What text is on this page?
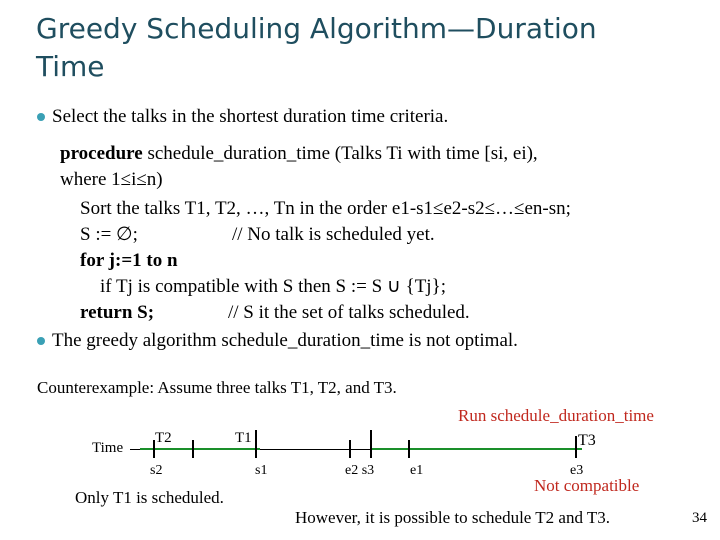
Greedy Scheduling Algorithm—Duration
Time
Select the talks in the shortest duration time criteria.
procedure schedule_duration_time (Talks Ti with time [si, ei),
where 1≤i≤n)
Sort the talks T1, T2, …, Tn in the order e1-s1≤e2-s2≤…≤en-sn;
S := ∅;	// No talk is scheduled yet.
for j:=1 to n
if Tj is compatible with S then S := S ∪ {Tj};
return S;	// S it the set of talks scheduled.
The greedy algorithm schedule_duration_time is not optimal.
Counterexample: Assume three talks T1, T2, and T3.
Run schedule_duration_time
Time
T2	T1	T3
s2	s1	e2 s3	e1	e3
Not compatible
Only T1 is scheduled.
However, it is possible to schedule T2 and T3.	34
